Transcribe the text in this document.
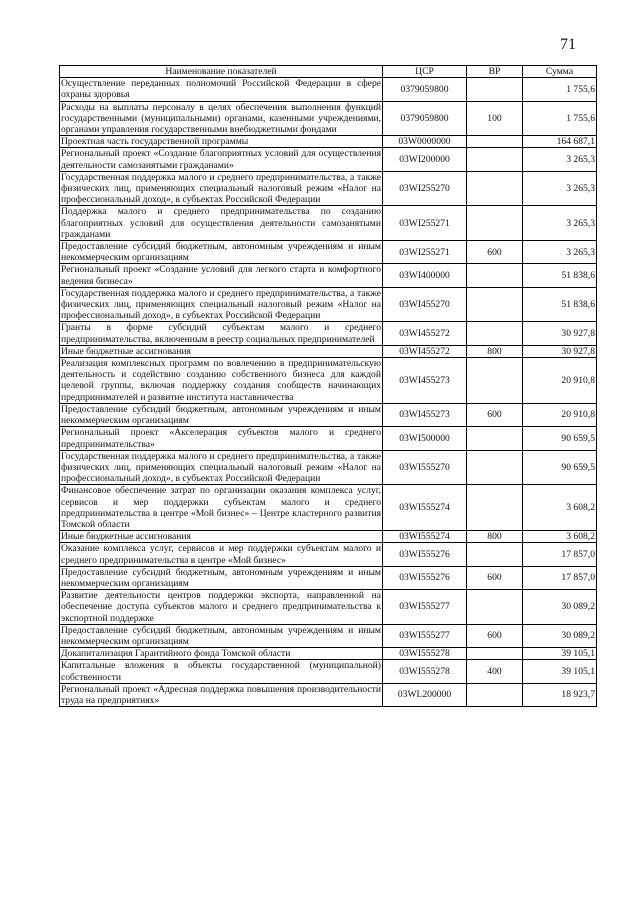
71
Наименование показателей	ЦСР	ВР	Сумма
Осуществление переданных полномочий Российской Федерации в сфере охраны здоровья	0379059800		1 755,6
Расходы на выплаты персоналу в целях обеспечения выполнения функций государственными (муниципальными) органами, казенными учреждениями, органами управления государственными внебюджетными фондами	0379059800	100	1 755,6
Проектная часть государственной программы	03W0000000		164 687,1
Региональный проект «Создание благоприятных условий для осуществления деятельности самозанятыми гражданами»	03WI200000		3 265,3
Государственная поддержка малого и среднего предпринимательства, а также физических лиц, применяющих специальный налоговый режим «Налог на профессиональный доход», в субъектах Российской Федерации	03WI255270		3 265,3
Поддержка малого и среднего предпринимательства по созданию благоприятных условий для осуществления деятельности самозанятыми гражданами	03WI255271		3 265,3
Предоставление субсидий бюджетным, автономным учреждениям и иным некоммерческим организациям	03WI255271	600	3 265,3
Региональный проект «Создание условий для легкого старта и комфортного ведения бизнеса»	03WI400000		51 838,6
Государственная поддержка малого и среднего предпринимательства, а также физических лиц, применяющих специальный налоговый режим «Налог на профессиональный доход», в субъектах Российской Федерации	03WI455270		51 838,6
Гранты в форме субсидий субъектам малого и среднего предпринимательства, включенным в реестр социальных предпринимателей	03WI455272		30 927,8
Иные бюджетные ассигнования	03WI455272	800	30 927,8
Реализация комплексных программ по вовлечению в предпринимательскую деятельность и содействию созданию собственного бизнеса для каждой целевой группы, включая поддержку создания сообществ начинающих предпринимателей и развитие института наставничества	03WI455273		20 910,8
Предоставление субсидий бюджетным, автономным учреждениям и иным некоммерческим организациям	03WI455273	600	20 910,8
Региональный проект «Акселерация субъектов малого и среднего предпринимательства»	03WI500000		90 659,5
Государственная поддержка малого и среднего предпринимательства, а также физических лиц, применяющих специальный налоговый режим «Налог на профессиональный доход», в субъектах Российской Федерации	03WI555270		90 659,5
Финансовое обеспечение затрат по организации оказания комплекса услуг, сервисов и мер поддержки субъектам малого и среднего предпринимательства в центре «Мой бизнес» – Центре кластерного развития Томской области	03WI555274		3 608,2
Иные бюджетные ассигнования	03WI555274	800	3 608,2
Оказание комплекса услуг, сервисов и мер поддержки субъектам малого и среднего предпринимательства в центре «Мой бизнес»	03WI555276		17 857,0
Предоставление субсидий бюджетным, автономным учреждениям и иным некоммерческим организациям	03WI555276	600	17 857,0
Развитие деятельности центров поддержки экспорта, направленной на обеспечение доступа субъектов малого и среднего предпринимательства к экспортной поддержке	03WI555277		30 089,2
Предоставление субсидий бюджетным, автономным учреждениям и иным некоммерческим организациям	03WI555277	600	30 089,2
Докапитализация Гарантийного фонда Томской области	03WI555278		39 105,1
Капитальные вложения в объекты государственной (муниципальной) собственности	03WI555278	400	39 105,1
Региональный проект «Адресная поддержка повышения производительности труда на предприятиях»	03WL200000		18 923,7
